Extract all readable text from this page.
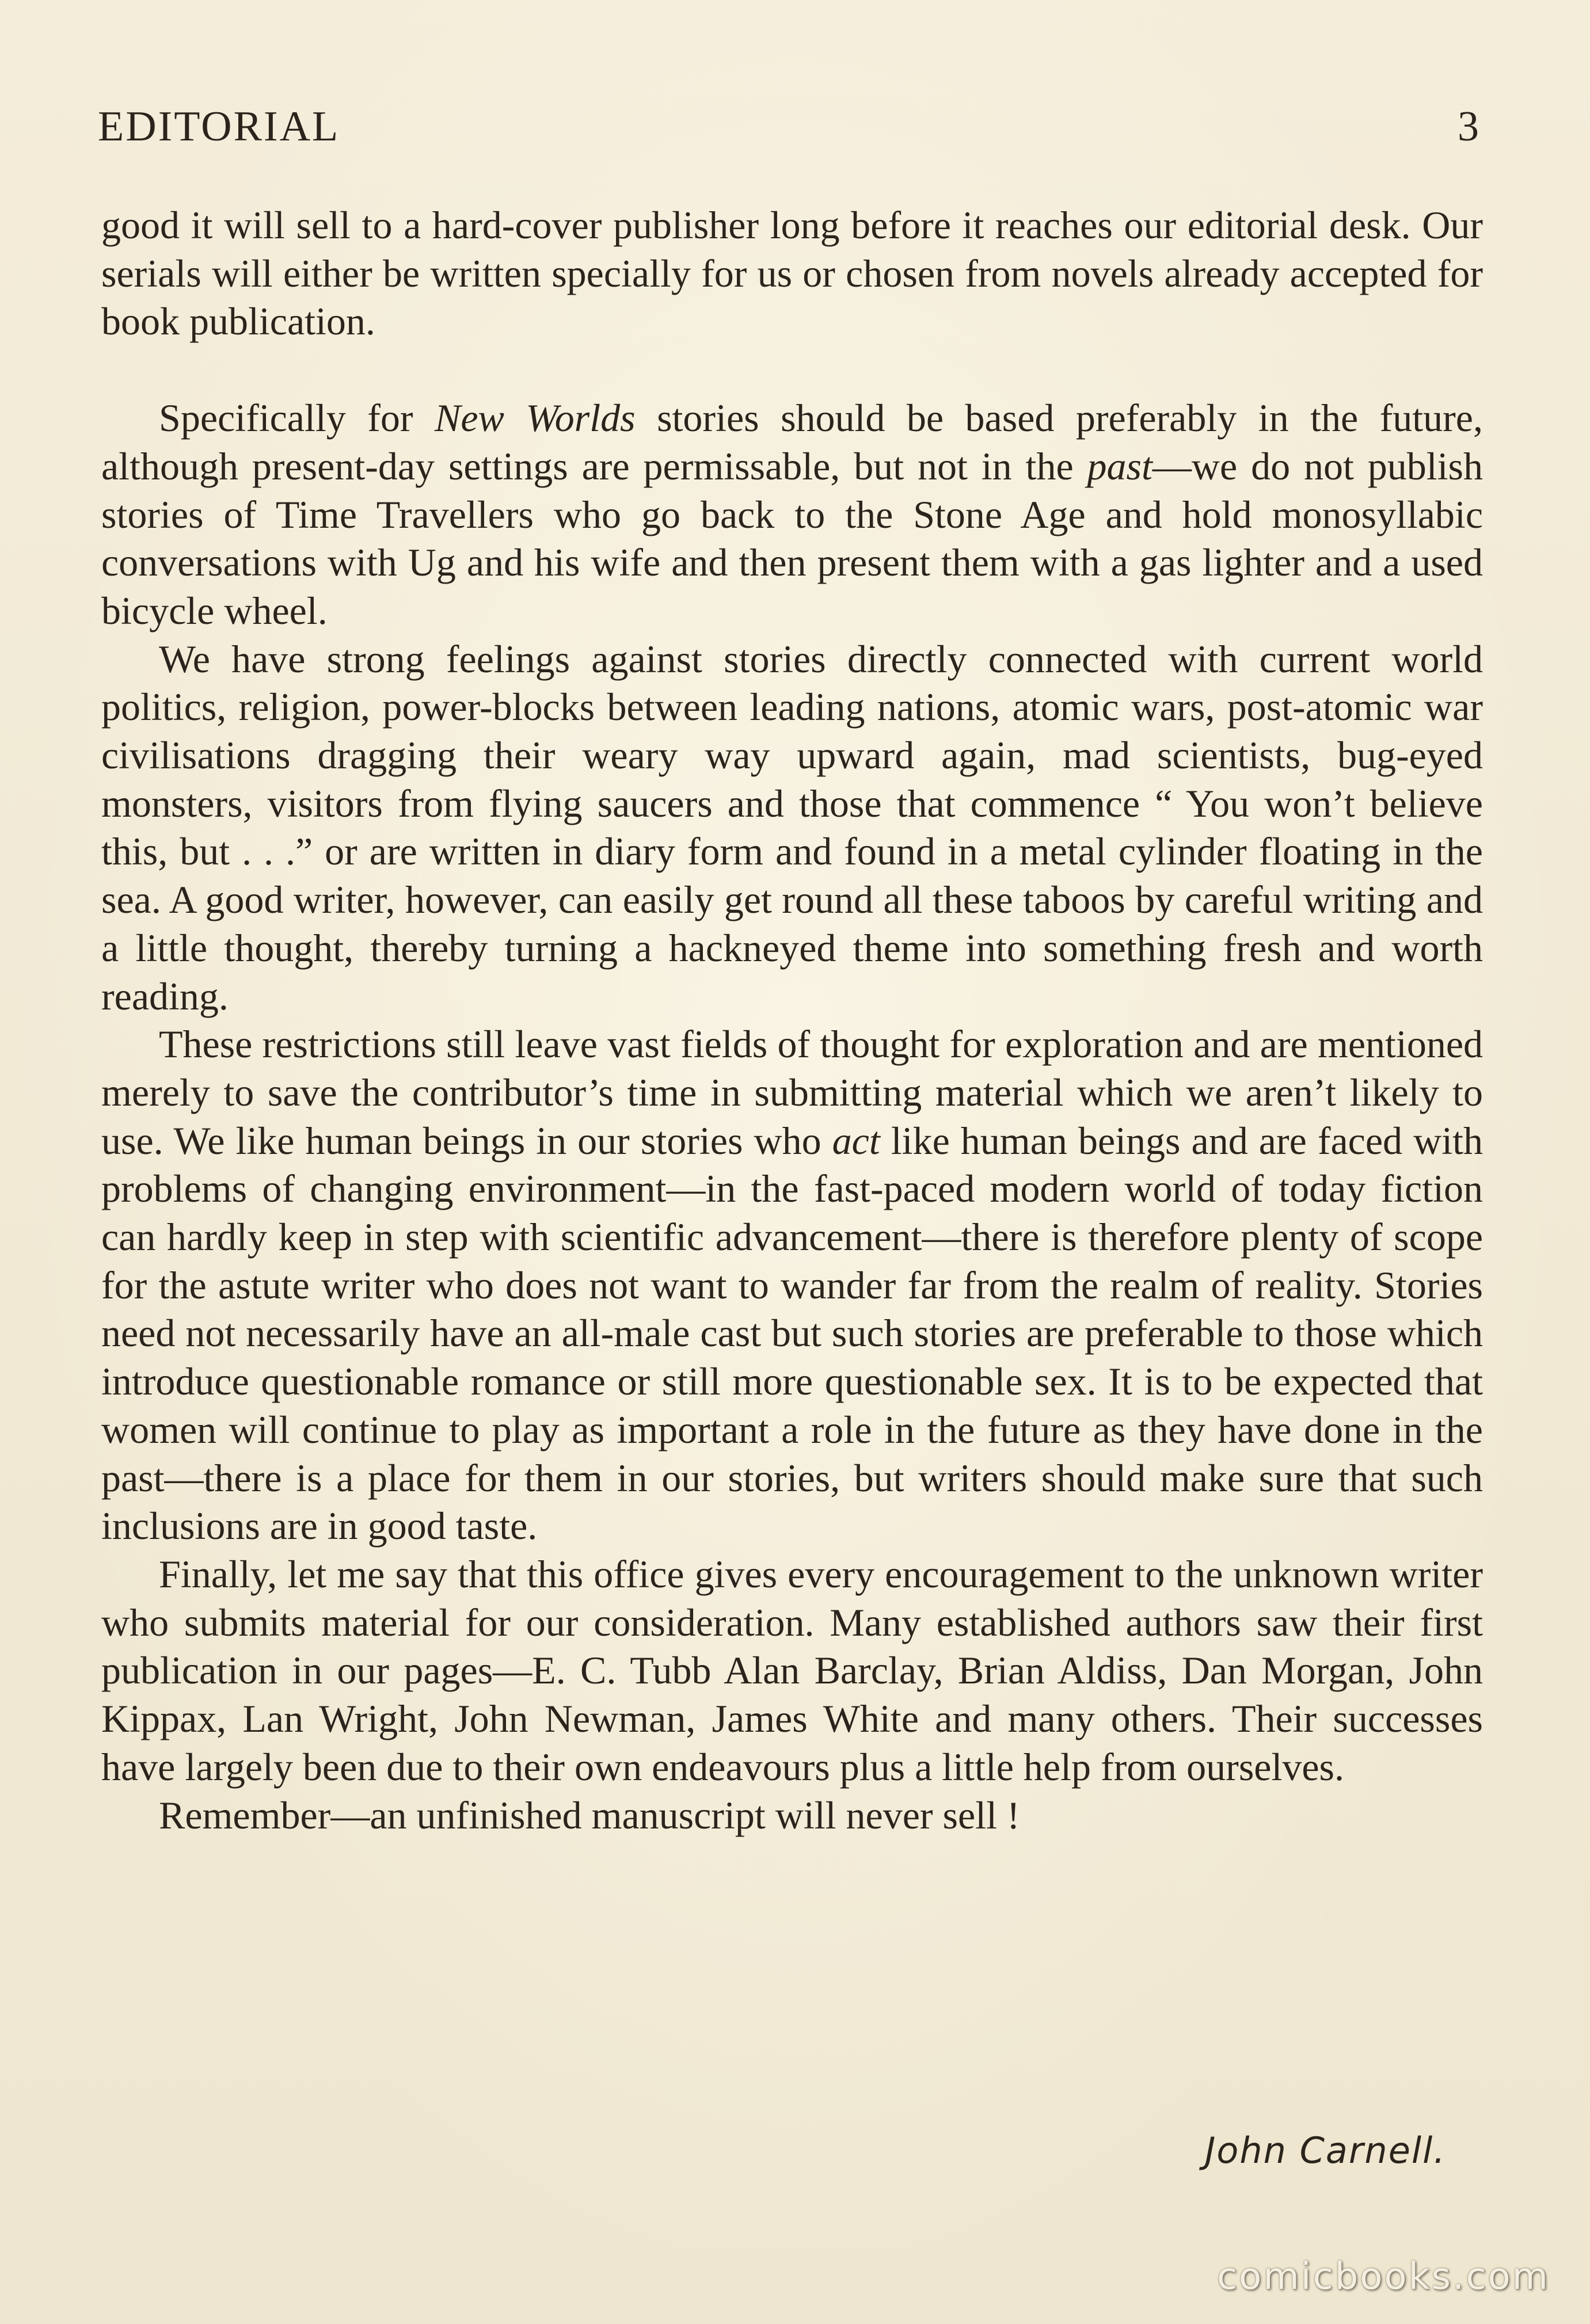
EDITORIAL	3

good it will sell to a hard-cover publisher long before it reaches our editorial desk. Our serials will either be written specially for us or chosen from novels already accepted for book publication.

Specifically for New Worlds stories should be based preferably in the future, although present-day settings are permissable, but not in the past—we do not publish stories of Time Travellers who go back to the Stone Age and hold monosyllabic conversations with Ug and his wife and then present them with a gas lighter and a used bicycle wheel.

We have strong feelings against stories directly connected with current world politics, religion, power-blocks between leading nations, atomic wars, post-atomic war civilisations dragging their weary way upward again, mad scientists, bug-eyed monsters, visitors from flying saucers and those that commence “ You won’t believe this, but . . .” or are written in diary form and found in a metal cylinder floating in the sea. A good writer, however, can easily get round all these taboos by careful writing and a little thought, thereby turning a hackneyed theme into something fresh and worth reading.

These restrictions still leave vast fields of thought for exploration and are mentioned merely to save the contributor’s time in submitting material which we aren’t likely to use. We like human beings in our stories who act like human beings and are faced with problems of changing environment—in the fast-paced modern world of today fiction can hardly keep in step with scientific advancement—there is therefore plenty of scope for the astute writer who does not want to wander far from the realm of reality. Stories need not necessarily have an all-male cast but such stories are preferable to those which introduce questionable romance or still more questionable sex. It is to be expected that women will continue to play as important a role in the future as they have done in the past—there is a place for them in our stories, but writers should make sure that such inclusions are in good taste.

Finally, let me say that this office gives every encouragement to the unknown writer who submits material for our consideration. Many established authors saw their first publication in our pages—E. C. Tubb Alan Barclay, Brian Aldiss, Dan Morgan, John Kippax, Lan Wright, John Newman, James White and many others. Their successes have largely been due to their own endeavours plus a little help from ourselves.

Remember—an unfinished manuscript will never sell !

John Carnell.
comicbooks.com
